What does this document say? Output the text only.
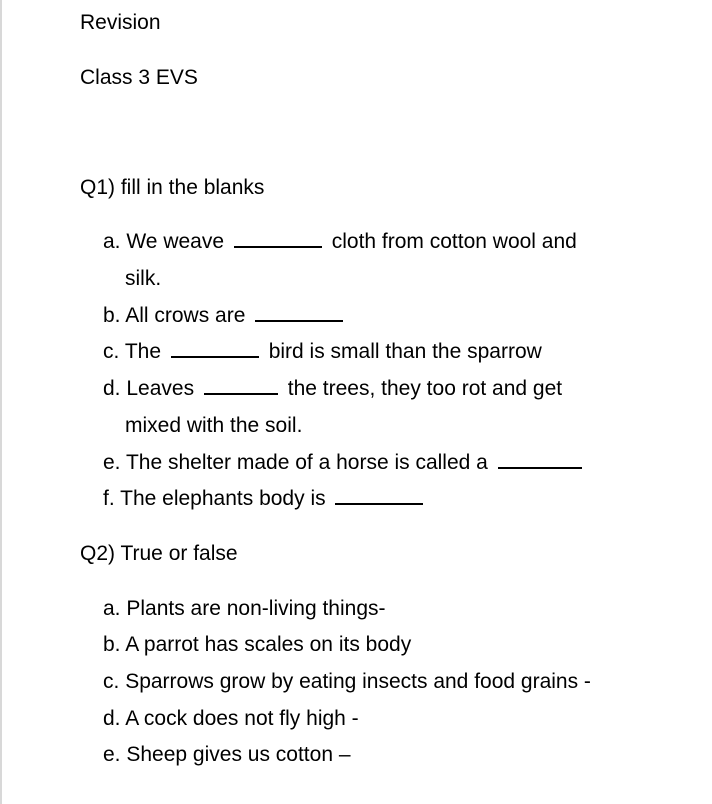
Revision
Class 3 EVS
Q1) fill in the blanks
a. We weave	cloth from cotton wool and
silk.
b. All crows are
c. The	bird is small than the sparrow
d. Leaves	the trees, they too rot and get
mixed with the soil.
e. The shelter made of a horse is called a
f. The elephants body is
Q2) True or false
a. Plants are non-living things-
b. A parrot has scales on its body
c. Sparrows grow by eating insects and food grains -
d. A cock does not fly high -
e. Sheep gives us cotton –
